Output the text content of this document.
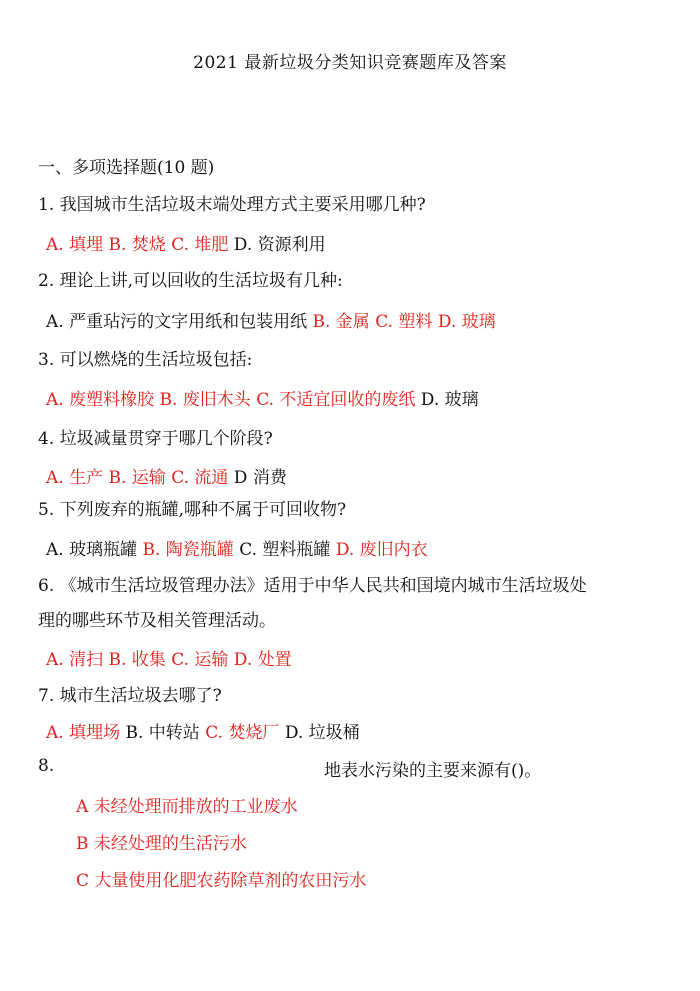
2021 最新垃圾分类知识竞赛题库及答案
一、多项选择题(10 题)
1. 我国城市生活垃圾末端处理方式主要采用哪几种?
A. 填埋 B. 焚烧 C. 堆肥 D. 资源利用
2. 理论上讲,可以回收的生活垃圾有几种:
A. 严重玷污的文字用纸和包装用纸 B. 金属 C. 塑料 D. 玻璃
3. 可以燃烧的生活垃圾包括:
A. 废塑料橡胶 B. 废旧木头 C. 不适宜回收的废纸 D. 玻璃
4. 垃圾减量贯穿于哪几个阶段?
A. 生产 B. 运输 C. 流通 D 消费
5. 下列废弃的瓶罐,哪种不属于可回收物?
A. 玻璃瓶罐 B. 陶瓷瓶罐 C. 塑料瓶罐 D. 废旧内衣
6. 《城市生活垃圾管理办法》适用于中华人民共和国境内城市生活垃圾处
理的哪些环节及相关管理活动。
A. 清扫 B. 收集 C. 运输 D. 处置
7. 城市生活垃圾去哪了?
A. 填埋场 B. 中转站 C. 焚烧厂 D. 垃圾桶
8.	地表水污染的主要来源有()。
A 未经处理而排放的工业废水
B 未经处理的生活污水
C 大量使用化肥农药除草剂的农田污水
